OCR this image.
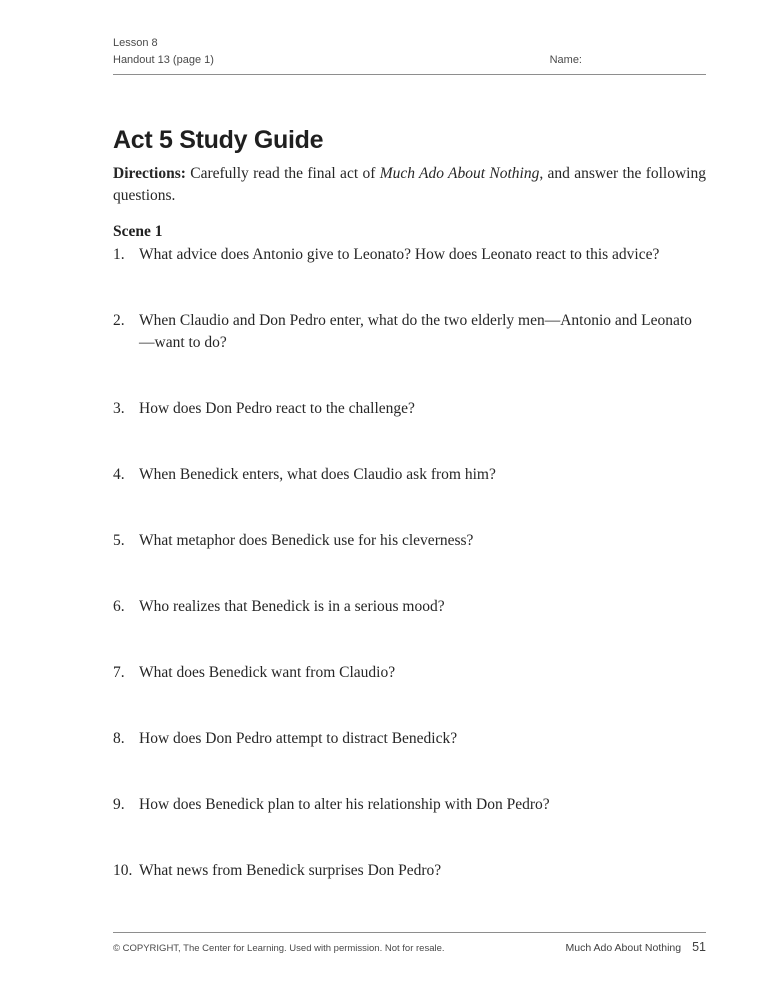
Lesson 8
Handout 13 (page 1)	Name:
Act 5 Study Guide

Directions: Carefully read the final act of Much Ado About Nothing, and answer the following questions.

Scene 1
1. What advice does Antonio give to Leonato? How does Leonato react to this advice?
2. When Claudio and Don Pedro enter, what do the two elderly men—Antonio and Leonato—want to do?
3. How does Don Pedro react to the challenge?
4. When Benedick enters, what does Claudio ask from him?
5. What metaphor does Benedick use for his cleverness?
6. Who realizes that Benedick is in a serious mood?
7. What does Benedick want from Claudio?
8. How does Don Pedro attempt to distract Benedick?
9. How does Benedick plan to alter his relationship with Don Pedro?
10. What news from Benedick surprises Don Pedro?
© COPYRIGHT, The Center for Learning. Used with permission. Not for resale.	Much Ado About Nothing 51
